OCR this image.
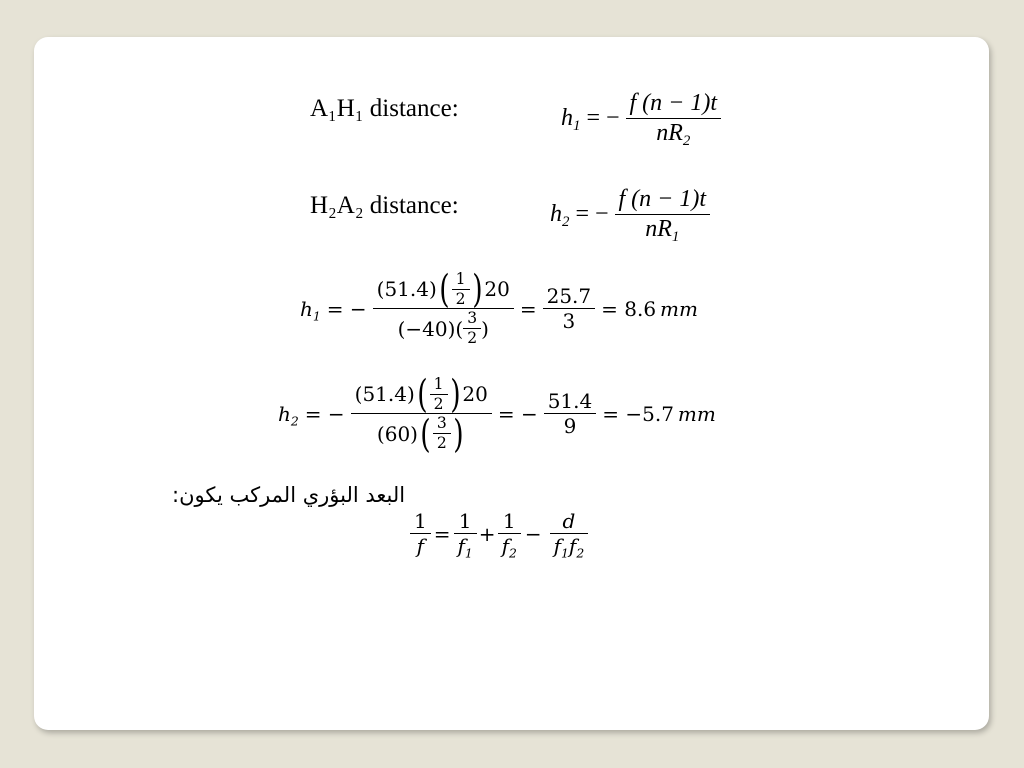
A₁H₁ distance:	$h_1$ = − $\frac{f (n - 1)t}{nR_2}$
H₂A₂ distance:	$h_2$ = − $\frac{f (n - 1)t}{nR_1}$
$h_1$ = − $\frac{(51.4) ( \frac{1}{2} ) 20}{(-40)( \frac{3}{2} )} = \frac{25.7}{3} = 8.6$ mm
$h_2$ = − $\frac{(51.4) ( \frac{1}{2} ) 20}{(60) ( \frac{3}{2} )}$ = − $\frac{51.4}{9} = -5.7$ mm
البعد البؤري المركب يكون:
$\frac{1}{f} = \frac{1}{f_1} + \frac{1}{f_2} - \frac{d}{f_1f_2}$
